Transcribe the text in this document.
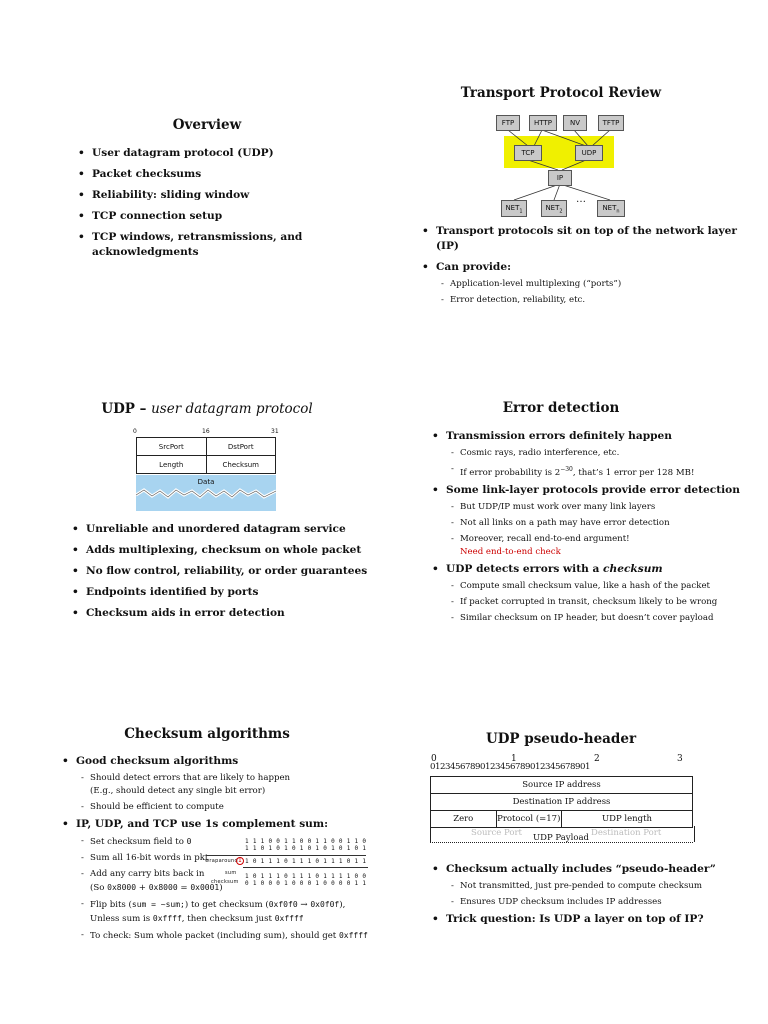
Overview
• User datagram protocol (UDP)
• Packet checksums
• Reliability: sliding window
• TCP connection setup
• TCP windows, retransmissions, and acknowledgments
Transport Protocol Review
FTP	HTTP	NV	TFTP
TCP	UDP
IP
$NET_1$	$NET_2$
…
$NET_n$
• Transport protocols sit on top of the network layer (IP)
• Can provide:
- Application-level multiplexing (“ports”)
- Error detection, reliability, etc.
UDP – user datagram protocol
0	16	31
SrcPort	DstPort
Length	Checksum
Data
• Unreliable and unordered datagram service
• Adds multiplexing, checksum on whole packet
• No flow control, reliability, or order guarantees
• Endpoints identified by ports
• Checksum aids in error detection
Error detection
• Transmission errors definitely happen
- Cosmic rays, radio interference, etc.
- If error probability is $2^{-30}$, that’s 1 error per 128 MB!
• Some link-layer protocols provide error detection
- But UDP/IP must work over many link layers
- Not all links on a path may have error detection
- Moreover, recall end-to-end argument!
Need end-to-end check
• UDP detects errors with a checksum
- Compute small checksum value, like a hash of the packet
- If packet corrupted in transit, checksum likely to be wrong
- Similar checksum on IP header, but doesn’t cover payload
Checksum algorithms
• Good checksum algorithms
- Should detect errors that are likely to happen
(E.g., should detect any single bit error)
- Should be efficient to compute
• IP, UDP, and TCP use 1s complement sum:
- Set checksum field to 0
- Sum all 16-bit words in pkt
- Add any carry bits back in
(So 0x8000 + 0x8000 = 0x0001)
- Flip bits (sum = ~sum;) to get checksum (0xf0f0 → 0x0f0f),
Unless sum is 0xffff, then checksum just 0xffff
- To check: Sum whole packet (including sum), should get 0xffff
1 1 1 0 0 1 1 0 0 1 1 0 0 1 1 0
1 1 0 1 0 1 0 1 0 1 0 1 0 1 0 1
wraparound 1 1 0 1 1 1 0 1 1 1 0 1 1 1 0 1 1
sum 1 0 1 1 1 0 1 1 1 0 1 1 1 1 0 0
checksum 0 1 0 0 0 1 0 0 0 1 0 0 0 0 1 1
UDP pseudo-header
0	1	2	3
0 1 2 3 4 5 6 7 8 9 0 1 2 3 4 5 6 7 8 9 0 1 2 3 4 5 6 7 8 9 0 1
Source IP address
Destination IP address
Zero	Protocol (=17)	UDP length
Source Port UDP Payload Destination Port
• Checksum actually includes “pseudo-header”
- Not transmitted, just pre-pended to compute checksum
- Ensures UDP checksum includes IP addresses
• Trick question: Is UDP a layer on top of IP?
